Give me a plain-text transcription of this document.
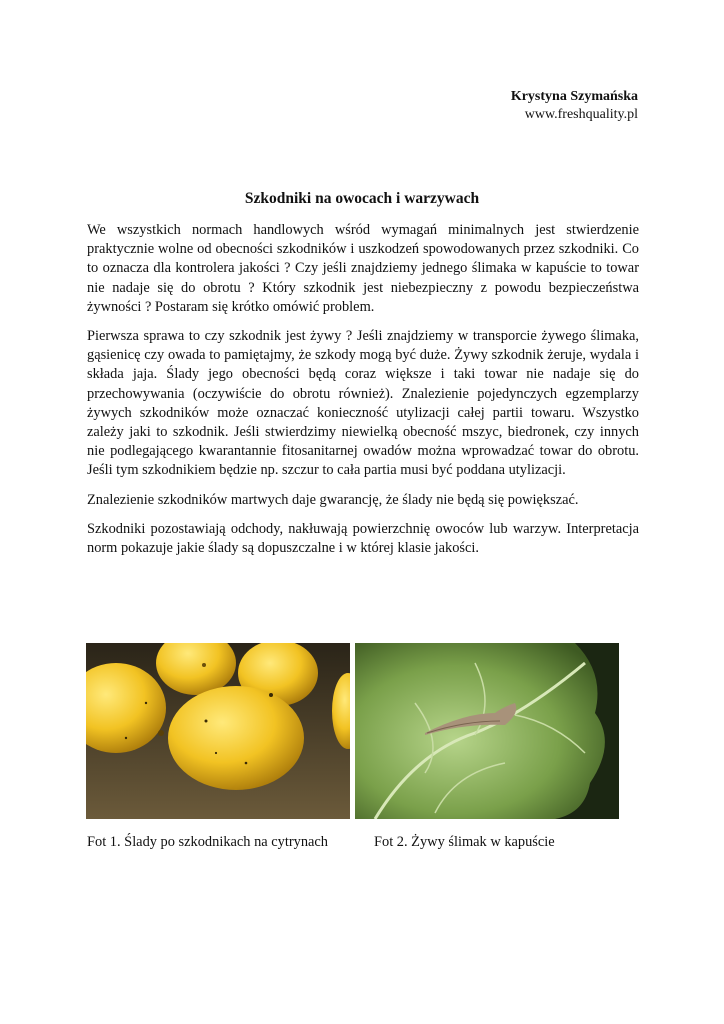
Krystyna Szymańska
www.freshquality.pl
Szkodniki na owocach i warzywach

We wszystkich normach handlowych wśród wymagań minimalnych jest stwierdzenie praktycznie wolne od obecności szkodników i uszkodzeń spowodowanych przez szkodniki. Co to oznacza dla kontrolera jakości ? Czy jeśli znajdziemy jednego ślimaka w kapuście to towar nie nadaje się do obrotu ? Który szkodnik jest niebezpieczny z powodu bezpieczeństwa żywności ? Postaram się krótko omówić problem.

Pierwsza sprawa to czy szkodnik jest żywy ? Jeśli znajdziemy w transporcie żywego ślimaka, gąsienicę czy owada to pamiętajmy, że szkody mogą być duże. Żywy szkodnik żeruje, wydala i składa jaja. Ślady jego obecności będą coraz większe i taki towar nie nadaje się do przechowywania (oczywiście do obrotu również). Znalezienie pojedynczych egzemplarzy żywych szkodników może oznaczać konieczność utylizacji całej partii towaru. Wszystko zależy jaki to szkodnik. Jeśli stwierdzimy niewielką obecność mszyc, biedronek, czy innych nie podlegającego kwarantannie fitosanitarnej owadów można wprowadzać towar do obrotu. Jeśli tym szkodnikiem będzie np. szczur to cała partia musi być poddana utylizacji.

Znalezienie szkodników martwych daje gwarancję, że ślady nie będą się powiększać.

Szkodniki pozostawiają odchody, nakłuwają powierzchnię owoców lub warzyw. Interpretacja norm pokazuje jakie ślady są dopuszczalne i w której klasie jakości.

Fot 1. Ślady po szkodnikach na cytrynach	Fot 2. Żywy ślimak w kapuście
